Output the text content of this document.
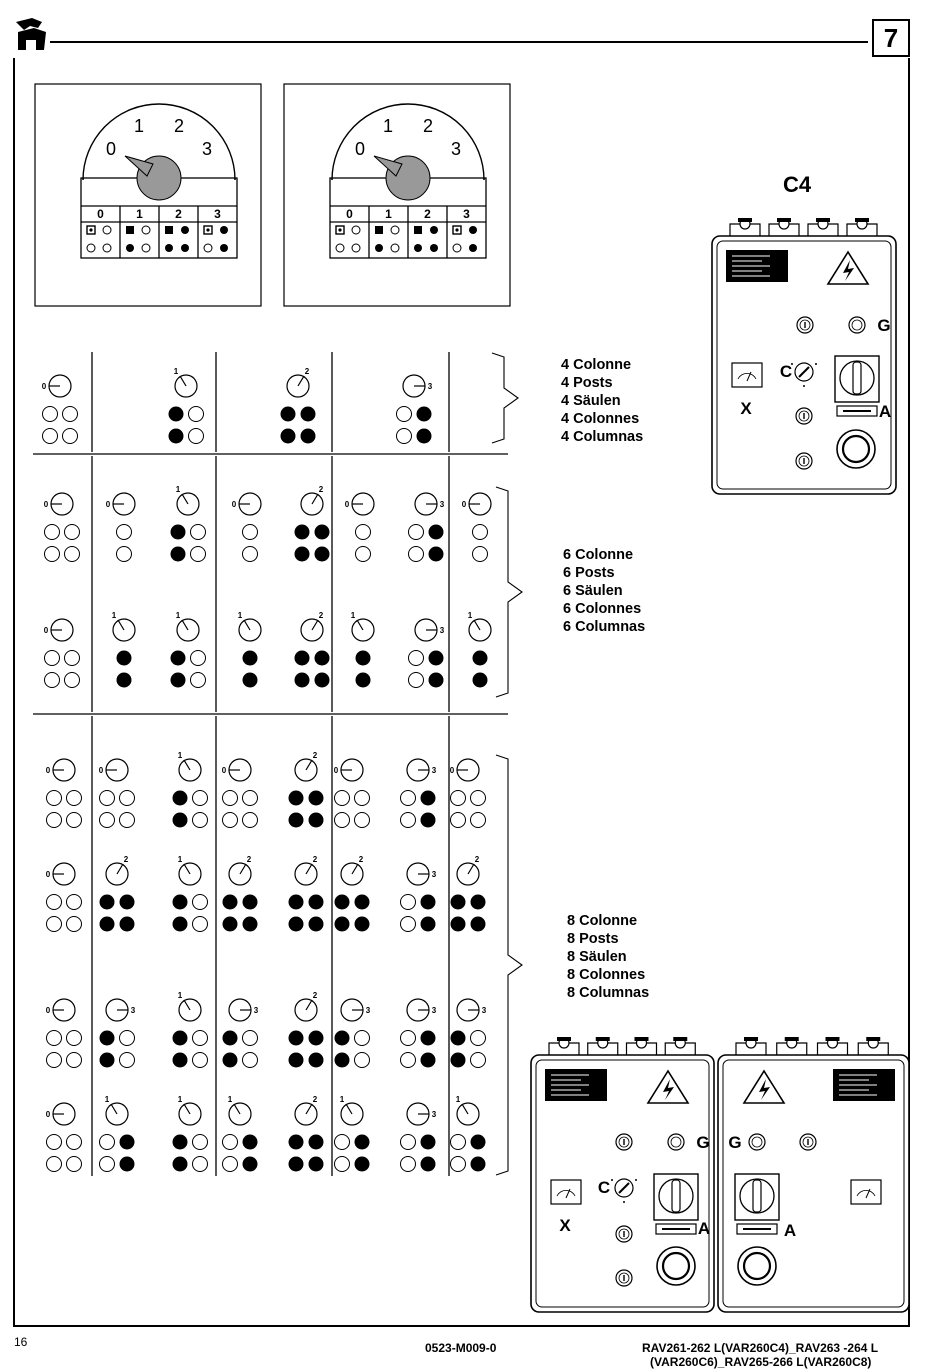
7
0
1 2
3
0	1	2	3
0
1 2
3
0	1	2	3
0
1	2
3
0
0
0
1
1
1
0
1
2
2
0
1
3
3
0
1
0	0
1
0
2
0	3 0
0
2	1	2	2	2
3
2
0	3
1
3
2
3	3	3
0
1	1	1	2	1
3
1
C4
G
X
C
A
G
X
C
A
G
A
4 Colonne
4 Posts
4 Säulen
4 Colonnes
4 Columnas
6 Colonne
6 Posts
6 Säulen
6 Colonnes
6 Columnas
8 Colonne
8 Posts
8 Säulen
8 Colonnes
8 Columnas
16	0523-M009-0	RAV261-262 L(VAR260C4)_RAV263 -264 L
(VAR260C6)_RAV265-266 L(VAR260C8)
